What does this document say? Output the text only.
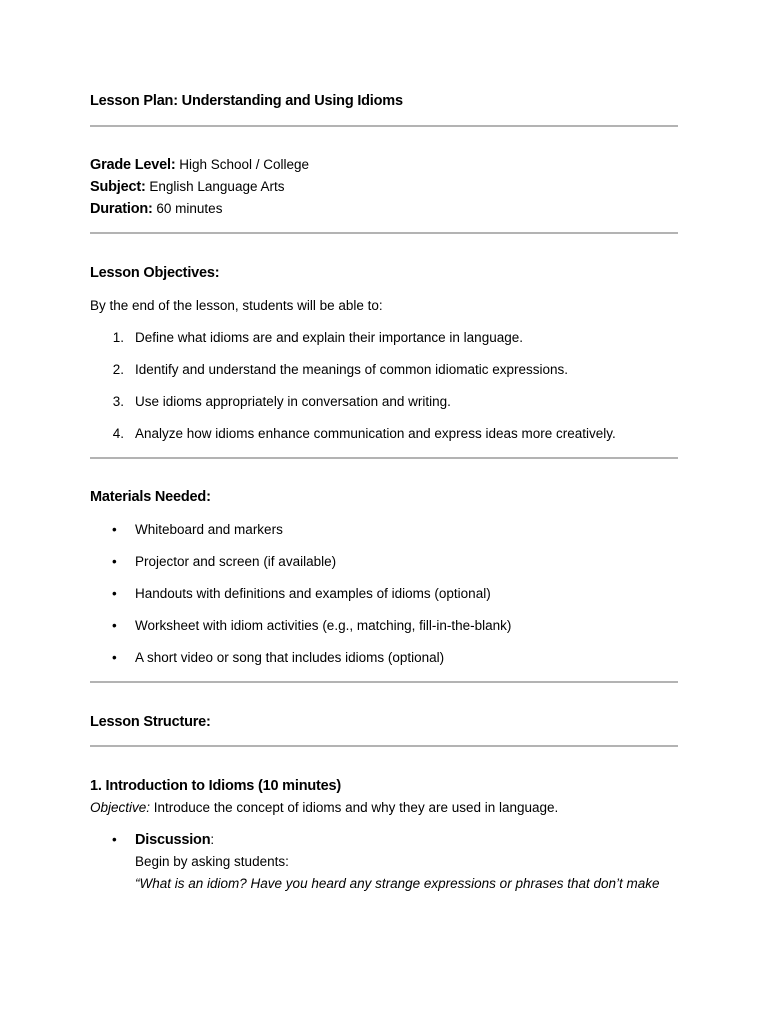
Lesson Plan: Understanding and Using Idioms
Grade Level: High School / College
Subject: English Language Arts
Duration: 60 minutes
Lesson Objectives:
By the end of the lesson, students will be able to:
1. Define what idioms are and explain their importance in language.
2. Identify and understand the meanings of common idiomatic expressions.
3. Use idioms appropriately in conversation and writing.
4. Analyze how idioms enhance communication and express ideas more creatively.
Materials Needed:
• Whiteboard and markers
• Projector and screen (if available)
• Handouts with definitions and examples of idioms (optional)
• Worksheet with idiom activities (e.g., matching, fill-in-the-blank)
• A short video or song that includes idioms (optional)
Lesson Structure:
1. Introduction to Idioms (10 minutes)
Objective: Introduce the concept of idioms and why they are used in language.
• Discussion:
Begin by asking students:
“What is an idiom? Have you heard any strange expressions or phrases that don’t make
